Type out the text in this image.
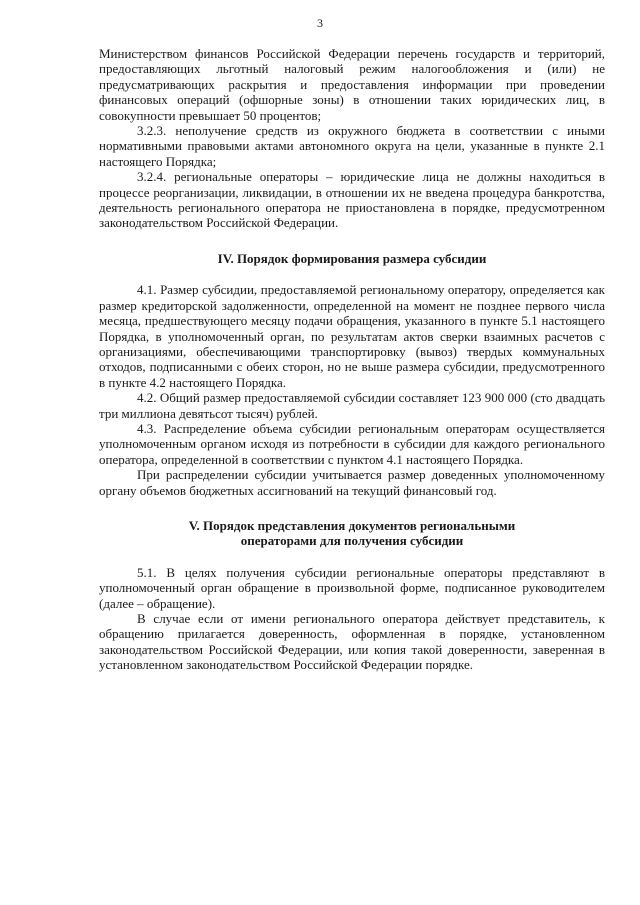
3

Министерством финансов Российской Федерации перечень государств и территорий, предоставляющих льготный налоговый режим налогообложения и (или) не предусматривающих раскрытия и предоставления информации при проведении финансовых операций (офшорные зоны) в отношении таких юридических лиц, в совокупности превышает 50 процентов;

3.2.3. неполучение средств из окружного бюджета в соответствии с иными нормативными правовыми актами автономного округа на цели, указанные в пункте 2.1 настоящего Порядка;

3.2.4. региональные операторы – юридические лица не должны находиться в процессе реорганизации, ликвидации, в отношении их не введена процедура банкротства, деятельность регионального оператора не приостановлена в порядке, предусмотренном законодательством Российской Федерации.

IV. Порядок формирования размера субсидии

4.1. Размер субсидии, предоставляемой региональному оператору, определяется как размер кредиторской задолженности, определенной на момент не позднее первого числа месяца, предшествующего месяцу подачи обращения, указанного в пункте 5.1 настоящего Порядка, в уполномоченный орган, по результатам актов сверки взаимных расчетов с организациями, обеспечивающими транспортировку (вывоз) твердых коммунальных отходов, подписанными с обеих сторон, но не выше размера субсидии, предусмотренного в пункте 4.2 настоящего Порядка.

4.2. Общий размер предоставляемой субсидии составляет 123 900 000 (сто двадцать три миллиона девятьсот тысяч) рублей.

4.3. Распределение объема субсидии региональным операторам осуществляется уполномоченным органом исходя из потребности в субсидии для каждого регионального оператора, определенной в соответствии с пунктом 4.1 настоящего Порядка.

При распределении субсидии учитывается размер доведенных уполномоченному органу объемов бюджетных ассигнований на текущий финансовый год.

V. Порядок представления документов региональными
операторами для получения субсидии

5.1. В целях получения субсидии региональные операторы представляют в уполномоченный орган обращение в произвольной форме, подписанное руководителем (далее – обращение).

В случае если от имени регионального оператора действует представитель, к обращению прилагается доверенность, оформленная в порядке, установленном законодательством Российской Федерации, или копия такой доверенности, заверенная в установленном законодательством Российской Федерации порядке.
